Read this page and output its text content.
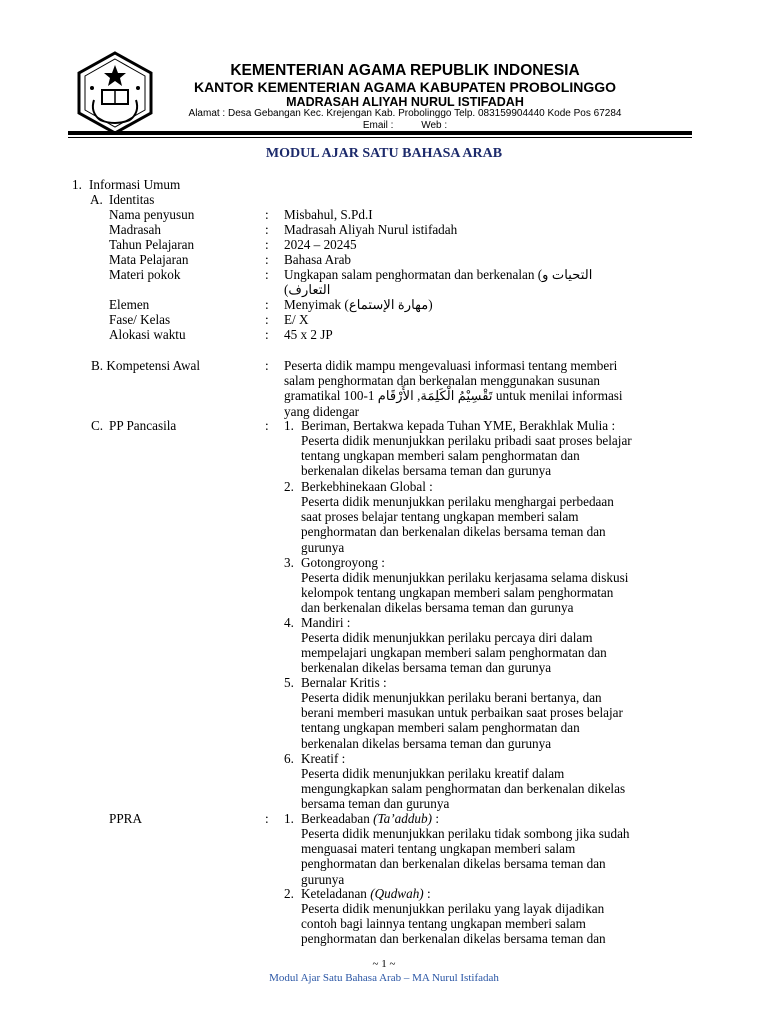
KEMENTERIAN AGAMA REPUBLIK INDONESIA
KANTOR KEMENTERIAN AGAMA KABUPATEN PROBOLINGGO
MADRASAH ALIYAH NURUL ISTIFADAH
Alamat : Desa Gebangan Kec. Krejengan Kab. Probolinggo Telp. 083159904440 Kode Pos 67284
Email :          Web :
MODUL AJAR SATU BAHASA ARAB
1. Informasi Umum
A. Identitas
Nama penyusun	: Misbahul, S.Pd.I
Madrasah	: Madrasah Aliyah Nurul istifadah
Tahun Pelajaran	: 2024 – 20245
Mata Pelajaran	: Bahasa Arab
Materi pokok	: Ungkapan salam penghormatan dan berkenalan (التحيات و
التعارف)
Elemen	: Menyimak (مهارة الإستماع)
Fase/ Kelas	: E/ X
Alokasi waktu	: 45 x 2 JP
B. Kompetensi Awal	: Peserta didik mampu mengevaluasi informasi tentang memberi
salam penghormatan dan berkenalan menggunakan susunan
gramatikal 100-1 تَقْسِيْمُ الْكَلِمَة, الأَرْقَام untuk menilai informasi
yang didengar
C. PP Pancasila	: 1. Beriman, Bertakwa kepada Tuhan YME, Berakhlak Mulia :
Peserta didik menunjukkan perilaku pribadi saat proses belajar
tentang ungkapan memberi salam penghormatan dan
berkenalan dikelas bersama teman dan gurunya
2. Berkebhinekaan Global :
Peserta didik menunjukkan perilaku menghargai perbedaan
saat proses belajar tentang ungkapan memberi salam
penghormatan dan berkenalan dikelas bersama teman dan
gurunya
3. Gotongroyong :
Peserta didik menunjukkan perilaku kerjasama selama diskusi
kelompok tentang ungkapan memberi salam penghormatan
dan berkenalan dikelas bersama teman dan gurunya
4. Mandiri :
Peserta didik menunjukkan perilaku percaya diri dalam
mempelajari ungkapan memberi salam penghormatan dan
berkenalan dikelas bersama teman dan gurunya
5. Bernalar Kritis :
Peserta didik menunjukkan perilaku berani bertanya, dan
berani memberi masukan untuk perbaikan saat proses belajar
tentang ungkapan memberi salam penghormatan dan
berkenalan dikelas bersama teman dan gurunya
6. Kreatif :
Peserta didik menunjukkan perilaku kreatif dalam
mengungkapkan salam penghormatan dan berkenalan dikelas
bersama teman dan gurunya
PPRA	: 1. Berkeadaban (Ta’addub) :
Peserta didik menunjukkan perilaku tidak sombong jika sudah
menguasai materi tentang ungkapan memberi salam
penghormatan dan berkenalan dikelas bersama teman dan
gurunya
2. Keteladanan (Qudwah) :
Peserta didik menunjukkan perilaku yang layak dijadikan
contoh bagi lainnya tentang ungkapan memberi salam
penghormatan dan berkenalan dikelas bersama teman dan
~ 1 ~
Modul Ajar Satu Bahasa Arab – MA Nurul Istifadah
